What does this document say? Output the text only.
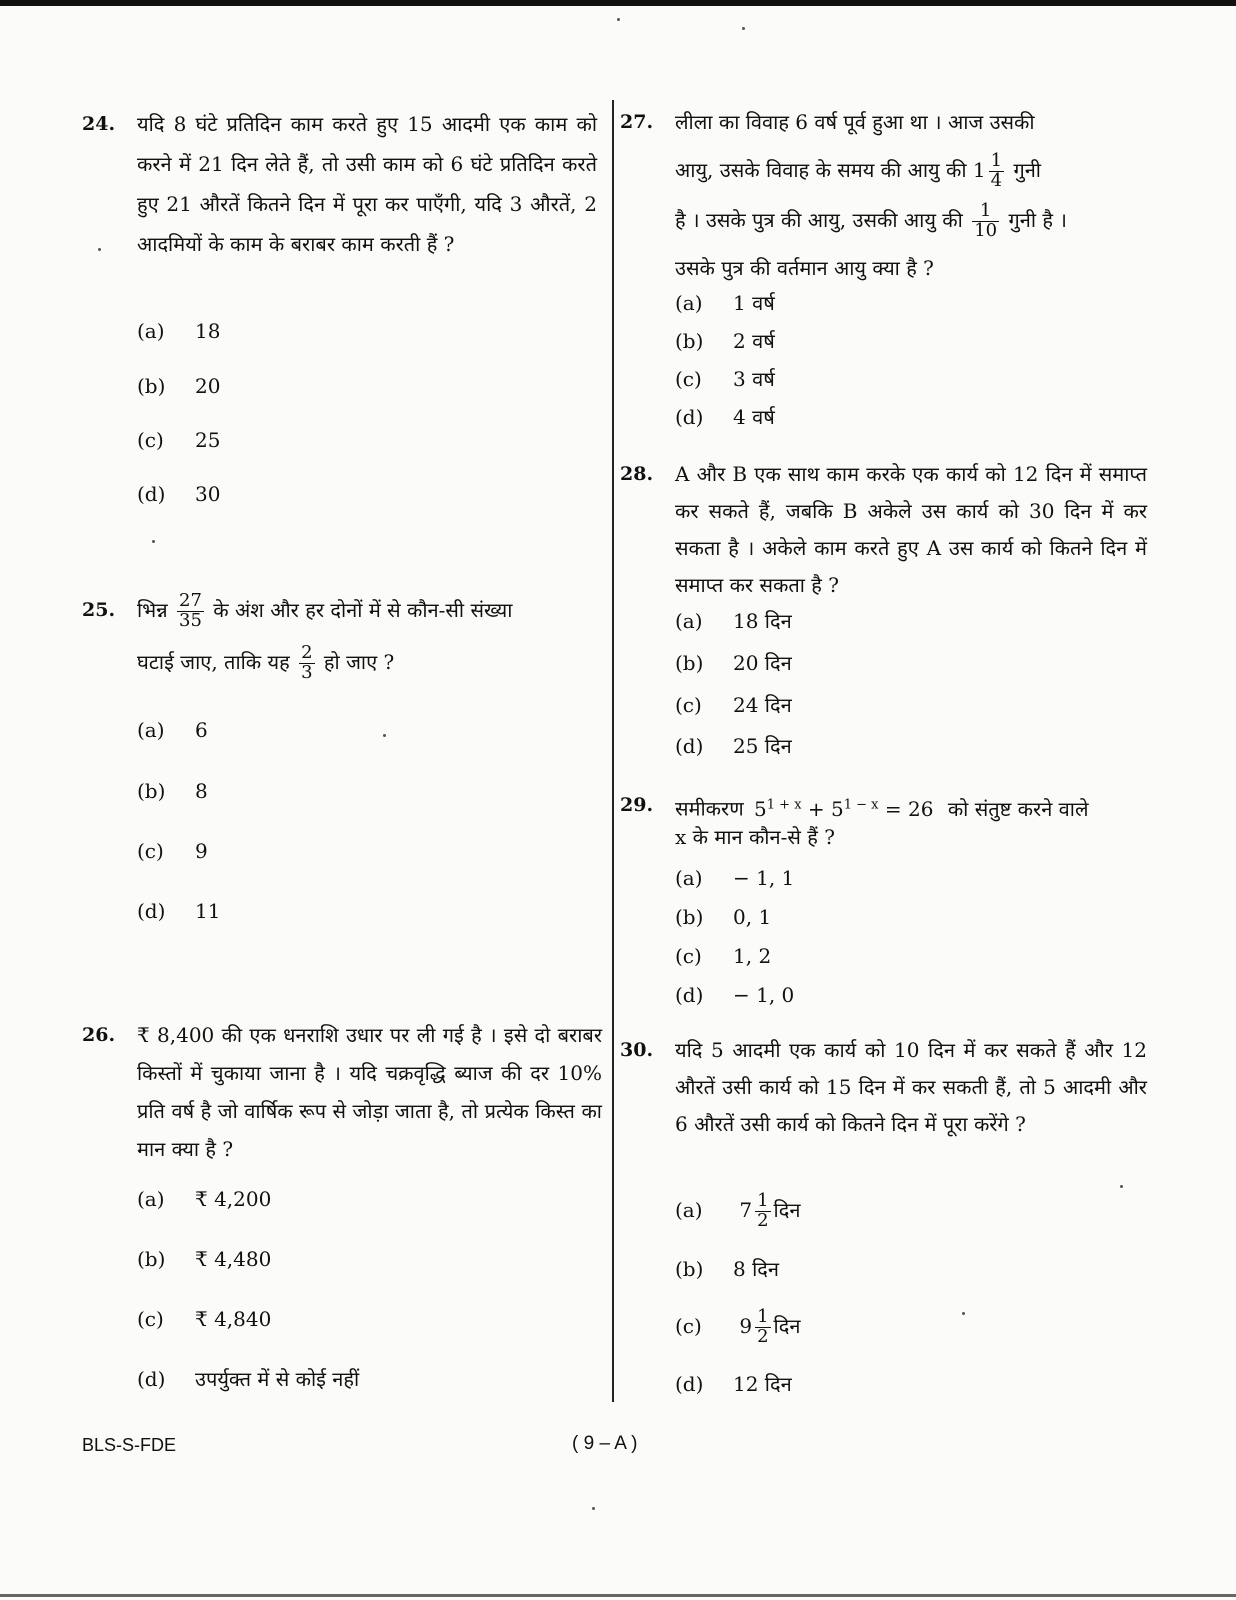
24. यदि 8 घंटे प्रतिदिन काम करते हुए 15 आदमी एक काम को करने में 21 दिन लेते हैं, तो उसी काम को 6 घंटे प्रतिदिन करते हुए 21 औरतें कितने दिन में पूरा कर पाएँगी, यदि 3 औरतें, 2 आदमियों के काम के बराबर काम करती हैं ?

(a) 18
(b) 20
(c) 25
(d) 30
25. भिन्न $\frac{27}{35}$ के अंश और हर दोनों में से कौन-सी संख्या
घटाई जाए, ताकि यह $\frac{2}{3}$ हो जाए ?
(a) 6
(b) 8
(c) 9
(d) 11
26. ₹ 8,400 की एक धनराशि उधार पर ली गई है । इसे दो बराबर किस्तों में चुकाया जाना है । यदि चक्रवृद्धि ब्याज की दर 10% प्रति वर्ष है जो वार्षिक रूप से जोड़ा जाता है, तो प्रत्येक किस्त का मान क्या है ?

(a) ₹ 4,200
(b) ₹ 4,480
(c) ₹ 4,840
(d) उपर्युक्त में से कोई नहीं
27. लीला का विवाह 6 वर्ष पूर्व हुआ था । आज उसकी
आयु, उसके विवाह के समय की आयु की $1 \frac{1}{4}$ गुनी
है । उसके पुत्र की आयु, उसकी आयु की $\frac{1}{10}$ गुनी है ।
उसके पुत्र की वर्तमान आयु क्या है ?
(a) 1 वर्ष
(b) 2 वर्ष
(c) 3 वर्ष
(d) 4 वर्ष
28. A और B एक साथ काम करके एक कार्य को 12 दिन में समाप्त कर सकते हैं, जबकि B अकेले उस कार्य को 30 दिन में कर सकता है । अकेले काम करते हुए A उस कार्य को कितने दिन में समाप्त कर सकता है ?

(a) 18 दिन
(b) 20 दिन
(c) 24 दिन
(d) 25 दिन
29. समीकरण $5^{1 + x} + 5^{1 - x} = 26$ को संतुष्ट करने वाले
x के मान कौन-से हैं ?
(a) − 1, 1
(b) 0, 1
(c) 1, 2
(d) − 1, 0
30. यदि 5 आदमी एक कार्य को 10 दिन में कर सकते हैं और 12 औरतें उसी कार्य को 15 दिन में कर सकती हैं, तो 5 आदमी और 6 औरतें उसी कार्य को कितने दिन में पूरा करेंगे ?

(a) $7 \frac{1}{2}$ दिन
(b) 8 दिन
(c) $9 \frac{1}{2}$ दिन
(d) 12 दिन
BLS-S-FDE	( 9 – A )
